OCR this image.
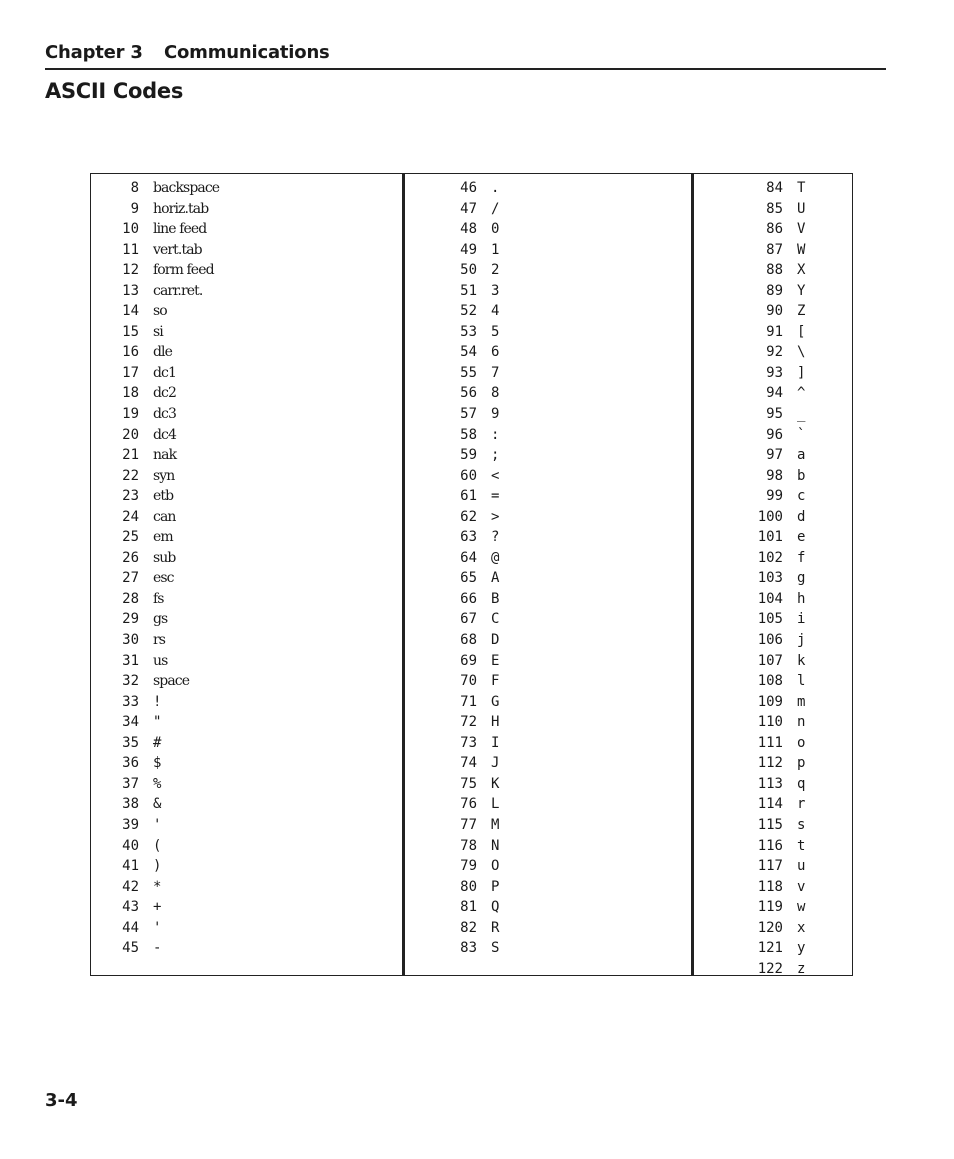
Chapter 3 Communications
ASCII Codes
8 backspace
9 horiz.tab
10 line feed
11 vert.tab
12 form feed
13 carr.ret.
14 so
15 si
16 dle
17 dc1
18 dc2
19 dc3
20 dc4
21 nak
22 syn
23 etb
24 can
25 em
26 sub
27 esc
28 fs
29 gs
30 rs
31 us
32 space
33 !
34 "
35 #
36 $
37 %
38 &
39 '
40 (
41 )
42 *
43 +
44 '
45 -
46 .
47 /
48 0
49 1
50 2
51 3
52 4
53 5
54 6
55 7
56 8
57 9
58 :
59 ;
60 <
61 =
62 >
63 ?
64 @
65 A
66 B
67 C
68 D
69 E
70 F
71 G
72 H
73 I
74 J
75 K
76 L
77 M
78 N
79 O
80 P
81 Q
82 R
83 S
84 T
85 U
86 V
87 W
88 X
89 Y
90 Z
91 [
92 \
93 ]
94 ^
95 _
96 `
97 a
98 b
99 c
100 d
101 e
102 f
103 g
104 h
105 i
106 j
107 k
108 l
109 m
110 n
111 o
112 p
113 q
114 r
115 s
116 t
117 u
118 v
119 w
120 x
121 y
122 z
3-4
